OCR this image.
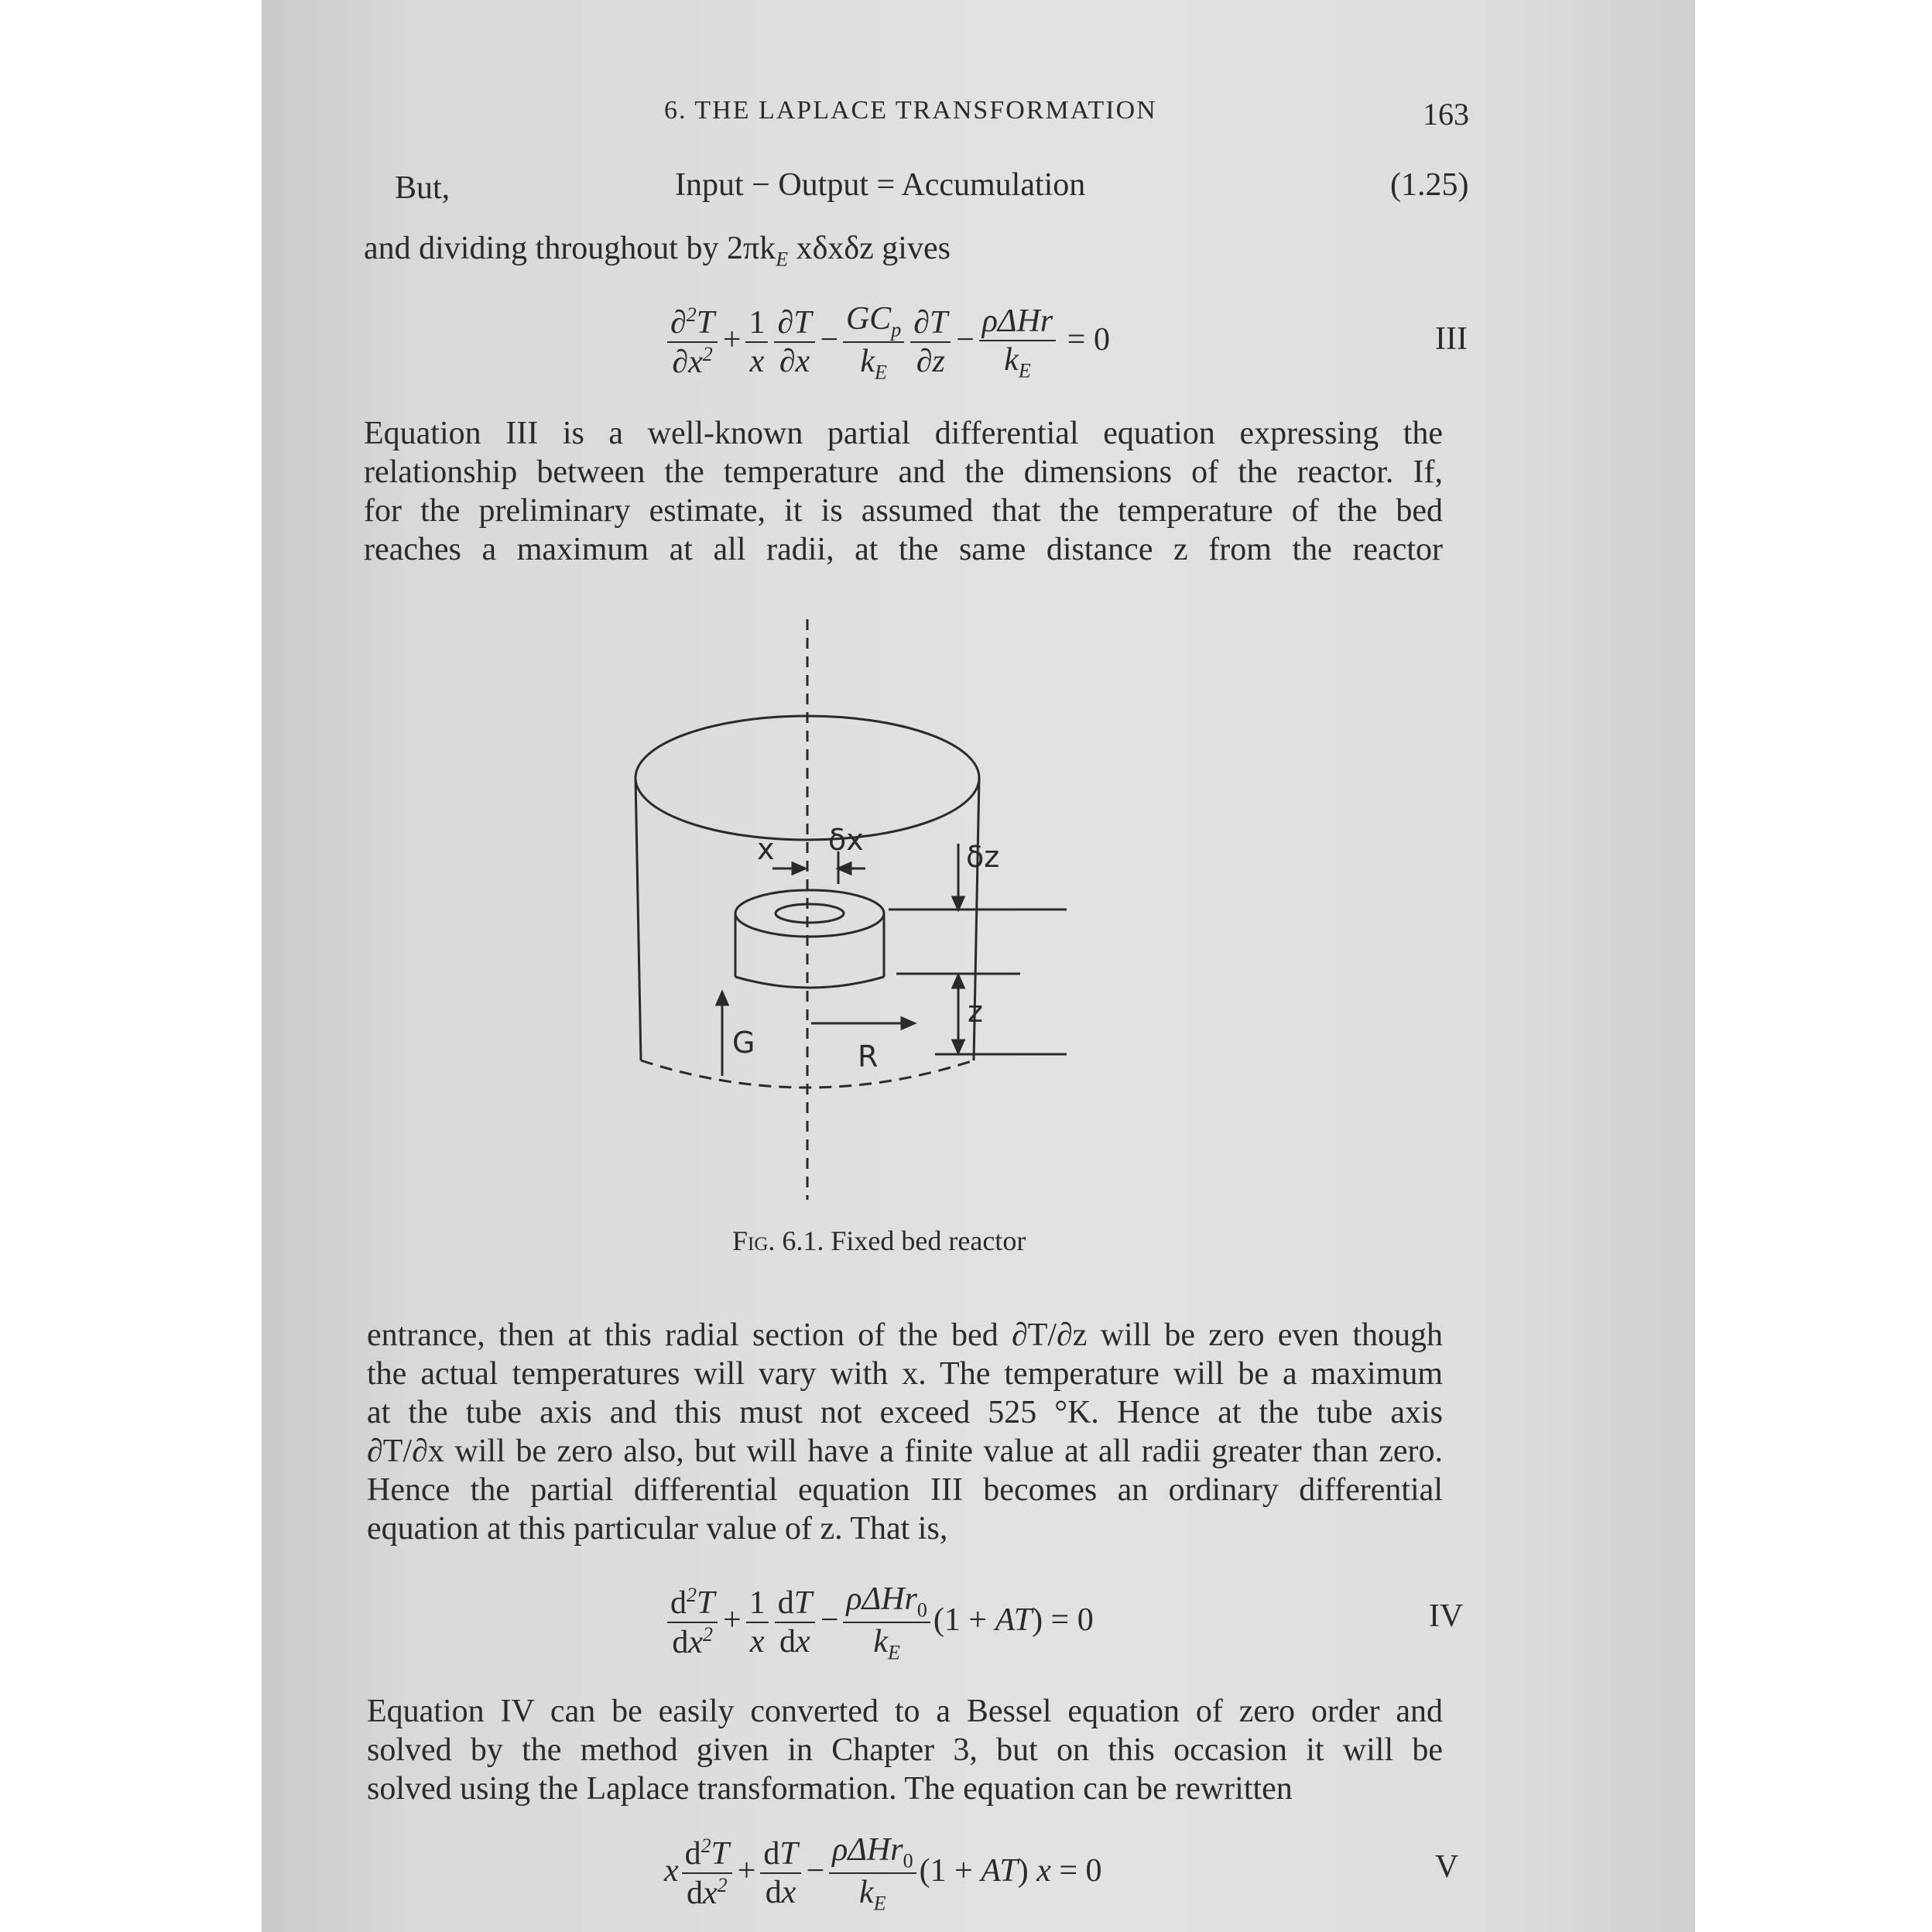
6. THE LAPLACE TRANSFORMATION	163
But,	Input − Output = Accumulation	(1.25)
and dividing throughout by $2\pi k_E$ xδxδz gives
$\frac{\partial^2T}{\partial x^2} + \frac{1}{x} \frac{\partial T}{\partial x} - \frac{GC_p}{k_E} \frac{\partial T}{\partial z} - \frac{\text{ρΔHr}}{k_E} = 0$	III
Equation III is a well-known partial differential equation expressing the
relationship between the temperature and the dimensions of the reactor. If,
for the preliminary estimate, it is assumed that the temperature of the bed
reaches a maximum at all radii, at the same distance z from the reactor
x δx	δz
z
G	R
Fig. 6.1. Fixed bed reactor
entrance, then at this radial section of the bed ∂T/∂z will be zero even though
the actual temperatures will vary with x. The temperature will be a maximum
at the tube axis and this must not exceed 525 °K. Hence at the tube axis
∂T/∂x will be zero also, but will have a finite value at all radii greater than zero.
Hence the partial differential equation III becomes an ordinary differential
equation at this particular value of z. That is,
$\frac{d^2T}{dx^2} + \frac{1}{x} \frac{dT}{dx} - \frac{\rho\Delta Hr_0}{k_E} (1 + AT) = 0$	IV
Equation IV can be easily converted to a Bessel equation of zero order and
solved by the method given in Chapter 3, but on this occasion it will be
solved using the Laplace transformation. The equation can be rewritten
x $\frac{d^2T}{dx^2} + \frac{dT}{dx} - \frac{\rho\Delta Hr_0}{k_E} (1 + AT) x = 0$	V
